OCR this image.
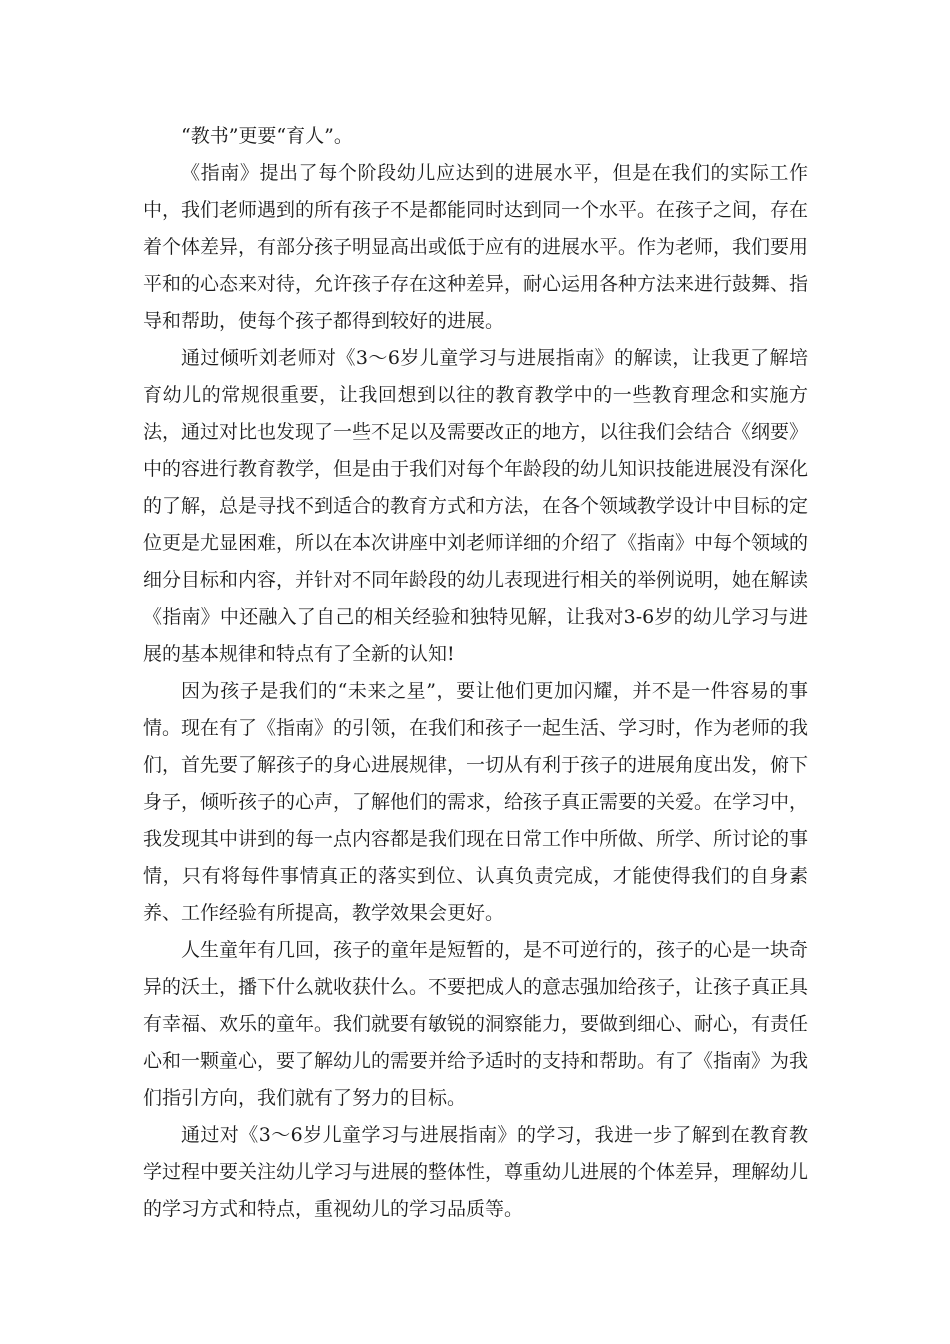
“教书”更要“育人”。

《指南》提出了每个阶段幼儿应达到的进展水平，但是在我们的实际工作中，我们老师遇到的所有孩子不是都能同时达到同一个水平。在孩子之间，存在着个体差异，有部分孩子明显高出或低于应有的进展水平。作为老师，我们要用平和的心态来对待，允许孩子存在这种差异，耐心运用各种方法来进行鼓舞、指导和帮助，使每个孩子都得到较好的进展。

通过倾听刘老师对《3～6岁儿童学习与进展指南》的解读，让我更了解培育幼儿的常规很重要，让我回想到以往的教育教学中的一些教育理念和实施方法，通过对比也发现了一些不足以及需要改正的地方，以往我们会结合《纲要》中的容进行教育教学，但是由于我们对每个年龄段的幼儿知识技能进展没有深化的了解，总是寻找不到适合的教育方式和方法，在各个领域教学设计中目标的定位更是尤显困难，所以在本次讲座中刘老师详细的介绍了《指南》中每个领域的细分目标和内容，并针对不同年龄段的幼儿表现进行相关的举例说明，她在解读《指南》中还融入了自己的相关经验和独特见解，让我对3-6岁的幼儿学习与进展的基本规律和特点有了全新的认知!

因为孩子是我们的“未来之星”，要让他们更加闪耀，并不是一件容易的事情。现在有了《指南》的引领，在我们和孩子一起生活、学习时，作为老师的我们，首先要了解孩子的身心进展规律，一切从有利于孩子的进展角度出发，俯下身子，倾听孩子的心声，了解他们的需求，给孩子真正需要的关爱。在学习中，我发现其中讲到的每一点内容都是我们现在日常工作中所做、所学、所讨论的事情，只有将每件事情真正的落实到位、认真负责完成，才能使得我们的自身素养、工作经验有所提高，教学效果会更好。

人生童年有几回，孩子的童年是短暂的，是不可逆行的，孩子的心是一块奇异的沃土，播下什么就收获什么。不要把成人的意志强加给孩子，让孩子真正具有幸福、欢乐的童年。我们就要有敏锐的洞察能力，要做到细心、耐心，有责任心和一颗童心，要了解幼儿的需要并给予适时的支持和帮助。有了《指南》为我们指引方向，我们就有了努力的目标。

通过对《3～6岁儿童学习与进展指南》的学习，我进一步了解到在教育教学过程中要关注幼儿学习与进展的整体性，尊重幼儿进展的个体差异，理解幼儿的学习方式和特点，重视幼儿的学习品质等。
